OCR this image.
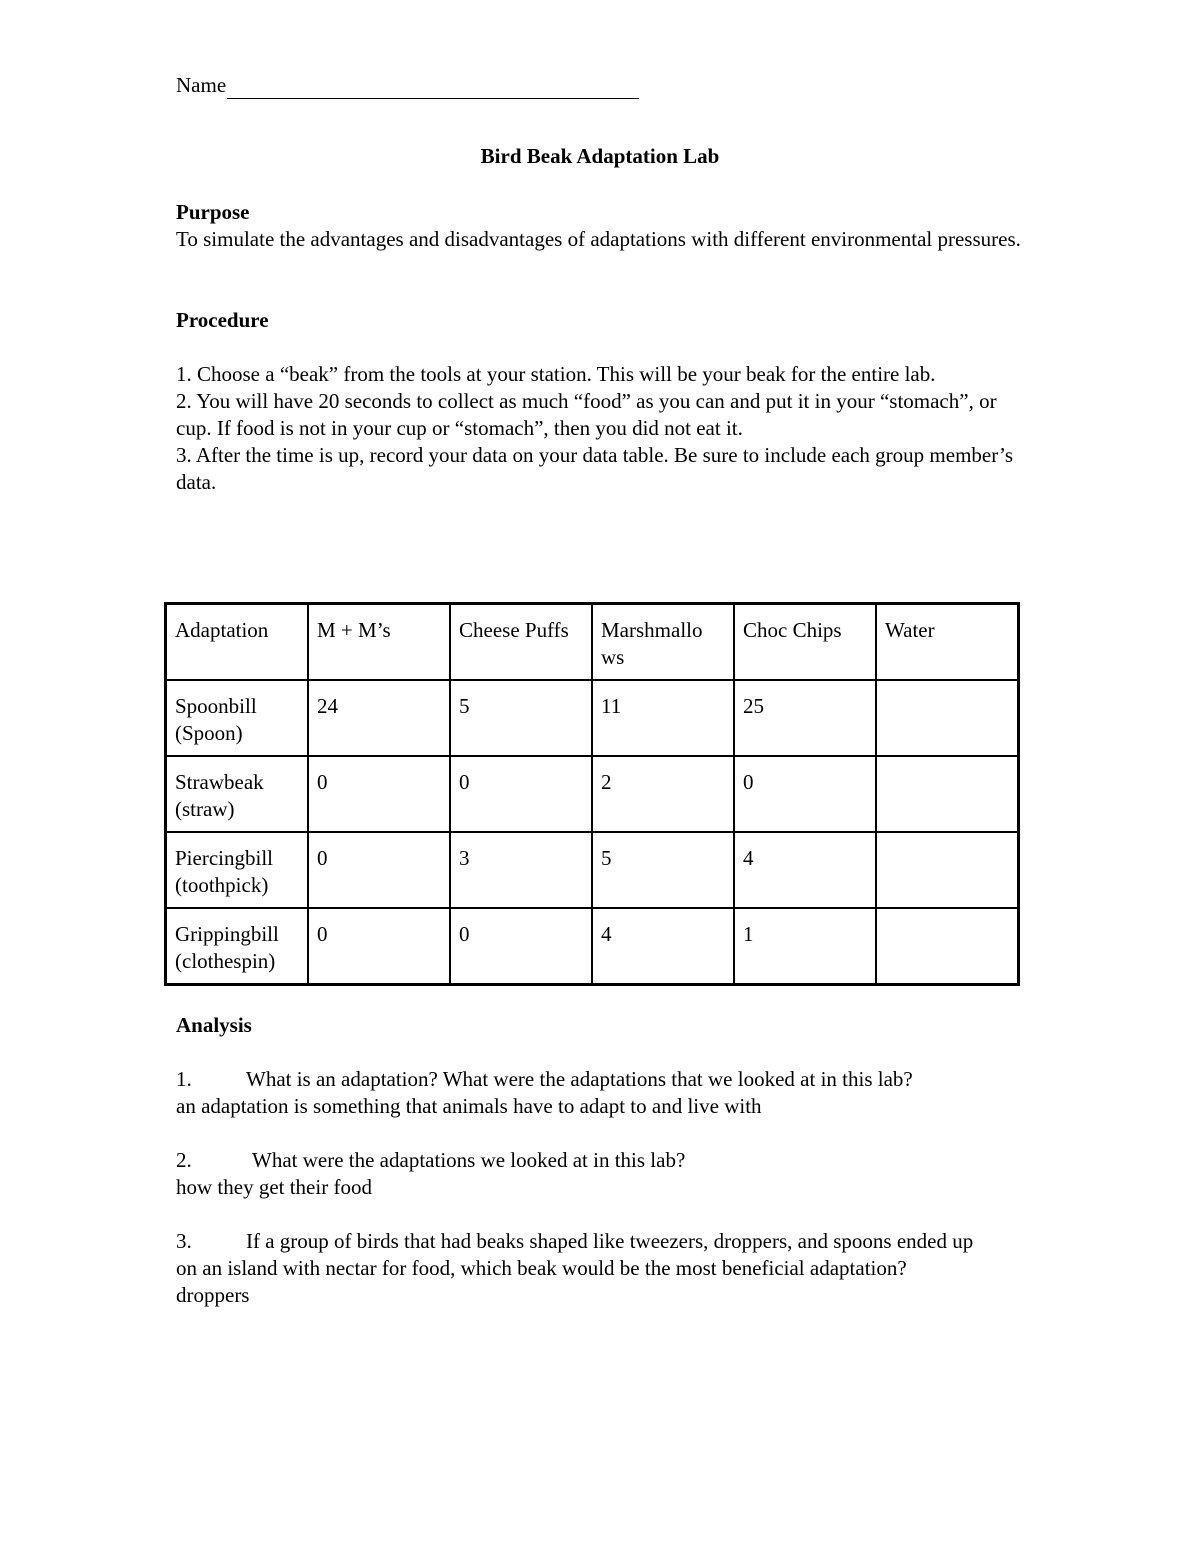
Name
Bird Beak Adaptation Lab
Purpose

To simulate the advantages and disadvantages of adaptations with different environmental pressures.

Procedure

1. Choose a “beak” from the tools at your station. This will be your beak for the entire lab.

2. You will have 20 seconds to collect as much “food” as you can and put it in your “stomach”, or cup. If food is not in your cup or “stomach”, then you did not eat it.

3. After the time is up, record your data on your data table. Be sure to include each group member’s data.

Adaptation	M + M’s	Cheese Puffs	Marshmallo ws	Choc Chips	Water
Spoonbill (Spoon)	24	5	11	25	
Strawbeak (straw)	0	0	2	0	
Piercingbill (toothpick)	0	3	5	4	
Grippingbill (clothespin)	0	0	4	1	
Analysis

1.	What is an adaptation? What were the adaptations that we looked at in this lab?

an adaptation is something that animals have to adapt to and live with

2.	What were the adaptations we looked at in this lab?

how they get their food

3.	If a group of birds that had beaks shaped like tweezers, droppers, and spoons ended up on an island with nectar for food, which beak would be the most beneficial adaptation?

droppers
